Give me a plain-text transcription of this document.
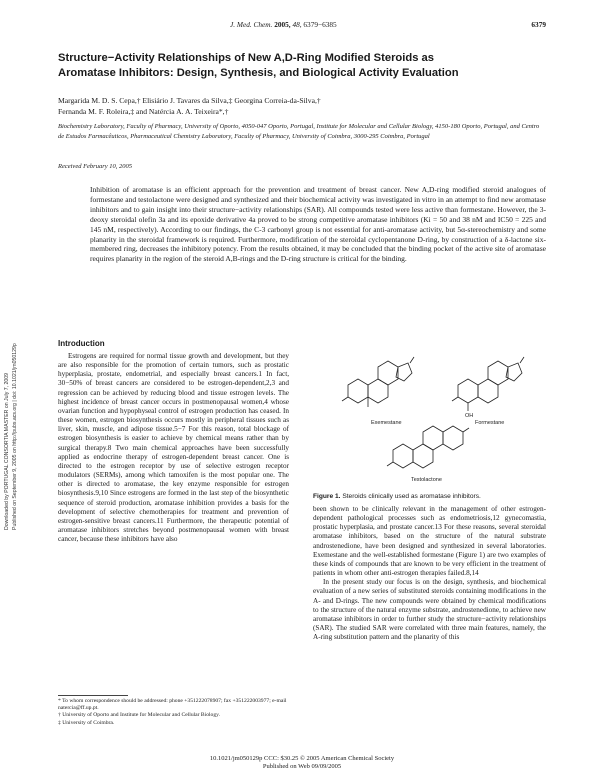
J. Med. Chem. 2005, 48, 6379−6385	6379
Structure−Activity Relationships of New A,D-Ring Modified Steroids as
Aromatase Inhibitors: Design, Synthesis, and Biological Activity Evaluation
Margarida M. D. S. Cepa,† Elisiário J. Tavares da Silva,‡ Georgina Correia-da-Silva,†
Fernanda M. F. Roleira,‡ and Natércia A. A. Teixeira*,†
Biochemistry Laboratory, Faculty of Pharmacy, University of Oporto, 4050-047 Oporto, Portugal, Institute for Molecular and Cellular Biology, 4150-180 Oporto, Portugal, and Centro de Estudos Farmacêuticos, Pharmaceutical Chemistry Laboratory, Faculty of Pharmacy, University of Coimbra, 3000-295 Coimbra, Portugal
Received February 10, 2005
Inhibition of aromatase is an efficient approach for the prevention and treatment of breast cancer. New A,D-ring modified steroid analogues of formestane and testolactone were designed and synthesized and their biochemical activity was investigated in vitro in an attempt to find new aromatase inhibitors and to gain insight into their structure−activity relationships (SAR). All compounds tested were less active than formestane. However, the 3-deoxy steroidal olefin 3a and its epoxide derivative 4a proved to be strong competitive aromatase inhibitors (Ki = 50 and 38 nM and IC50 = 225 and 145 nM, respectively). According to our findings, the C-3 carbonyl group is not essential for anti-aromatase activity, but 5α-stereochemistry and some planarity in the steroidal framework is required. Furthermore, modification of the steroidal cyclopentanone D-ring, by construction of a δ-lactone six-membered ring, decreases the inhibitory potency. From the results obtained, it may be concluded that the binding pocket of the active site of aromatase requires planarity in the region of the steroid A,B-rings and the D-ring structure is critical for the binding.
Downloaded by PORTUGAL CONSORTIA MASTER on July 7, 2009 Published on September 9, 2005 on http://pubs.acs.org | doi: 10.1021/jm050129p	Introduction

Estrogens are required for normal tissue growth and development, but they are also responsible for the promotion of certain tumors, such as prostatic hyperplasia, prostate, endometrial, and especially breast cancers.1 In fact, 30−50% of breast cancers are considered to be estrogen-dependent,2,3 and regression can be achieved by reducing blood and tissue estrogen levels. The highest incidence of breast cancer occurs in postmenopausal women,4 whose ovarian function and hypophyseal control of estrogen production has ceased. In these women, estrogen biosynthesis occurs mostly in peripheral tissues such as liver, skin, muscle, and adipose tissue.5−7 For this reason, total blockage of estrogen biosynthesis is easier to achieve by chemical means rather than by surgical therapy.8 Two main chemical approaches have been successfully applied as endocrine therapy of estrogen-dependent breast cancer. One is directed to the estrogen receptor by use of selective estrogen receptor modulators (SERMs), among which tamoxifen is the most popular one. The other is directed to aromatase, the key enzyme responsible for estrogen biosynthesis.9,10 Since estrogens are formed in the last step of the biosynthetic sequence of steroid production, aromatase inhibition provides a basis for the development of selective chemotherapies for treatment and prevention of estrogen-sensitive breast cancers.11 Furthermore, the therapeutic potential of aromatase inhibitors stretches beyond postmenopausal women with breast cancer, because these inhibitors have also

Exemestane
OH
Formestane
Testolactone
Figure 1. Steroids clinically used as aromatase inhibitors.

been shown to be clinically relevant in the management of other estrogen-dependent pathological processes such as endometriosis,12 gynecomastia, prostatic hyperplasia, and prostate cancer.13 For these reasons, several steroidal aromatase inhibitors, based on the structure of the natural substrate androstenedione, have been designed and synthesized in several laboratories. Exemestane and the well-established formestane (Figure 1) are two examples of these kinds of compounds that are known to be very efficient in the treatment of patients in whom other anti-estrogen therapies failed.8,14

In the present study our focus is on the design, synthesis, and biochemical evaluation of a new series of substituted steroids containing modifications in the A- and D-rings. The new compounds were obtained by chemical modifications to the structure of the natural enzyme substrate, androstenedione, to achieve new aromatase inhibitors in order to further study the structure−activity relationships (SAR). The studied SAR were correlated with three main features, namely, the A-ring substitution pattern and the planarity of this

* To whom correspondence should be addressed: phone +351222078907; fax +351222003977; e-mail natercia@ff.up.pt.
† University of Oporto and Institute for Molecular and Cellular Biology.
‡ University of Coimbra.
10.1021/jm050129p CCC: $30.25 © 2005 American Chemical Society
Published on Web 09/09/2005
